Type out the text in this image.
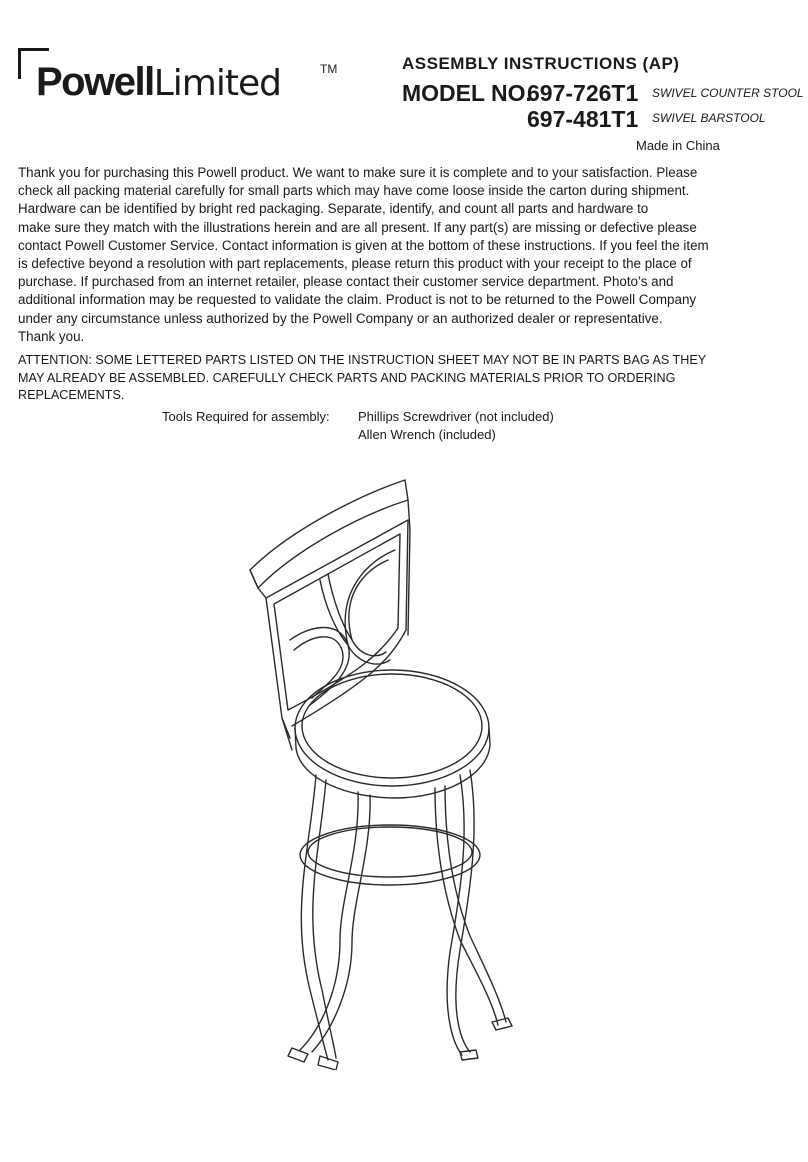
PowellLimited	TM	ASSEMBLY INSTRUCTIONS (AP)
MODEL NO.
697-726T1 SWIVEL COUNTER STOOL
697-481T1 SWIVEL BARSTOOL
Made in China
Thank you for purchasing this Powell product. We want to make sure it is complete and to your satisfaction. Please
check all packing material carefully for small parts which may have come loose inside the carton during shipment.
Hardware can be identified by bright red packaging. Separate, identify, and count all parts and hardware to
make sure they match with the illustrations herein and are all present. If any part(s) are missing or defective please
contact Powell Customer Service. Contact information is given at the bottom of these instructions. If you feel the item
is defective beyond a resolution with part replacements, please return this product with your receipt to the place of
purchase. If purchased from an internet retailer, please contact their customer service department. Photo’s and
additional information may be requested to validate the claim. Product is not to be returned to the Powell Company
under any circumstance unless authorized by the Powell Company or an authorized dealer or representative.
Thank you.
ATTENTION: SOME LETTERED PARTS LISTED ON THE INSTRUCTION SHEET MAY NOT BE IN PARTS BAG AS THEY
MAY ALREADY BE ASSEMBLED. CAREFULLY CHECK PARTS AND PACKING MATERIALS PRIOR TO ORDERING
REPLACEMENTS.
Tools Required for assembly: Phillips Screwdriver (not included)
Allen Wrench (included)
